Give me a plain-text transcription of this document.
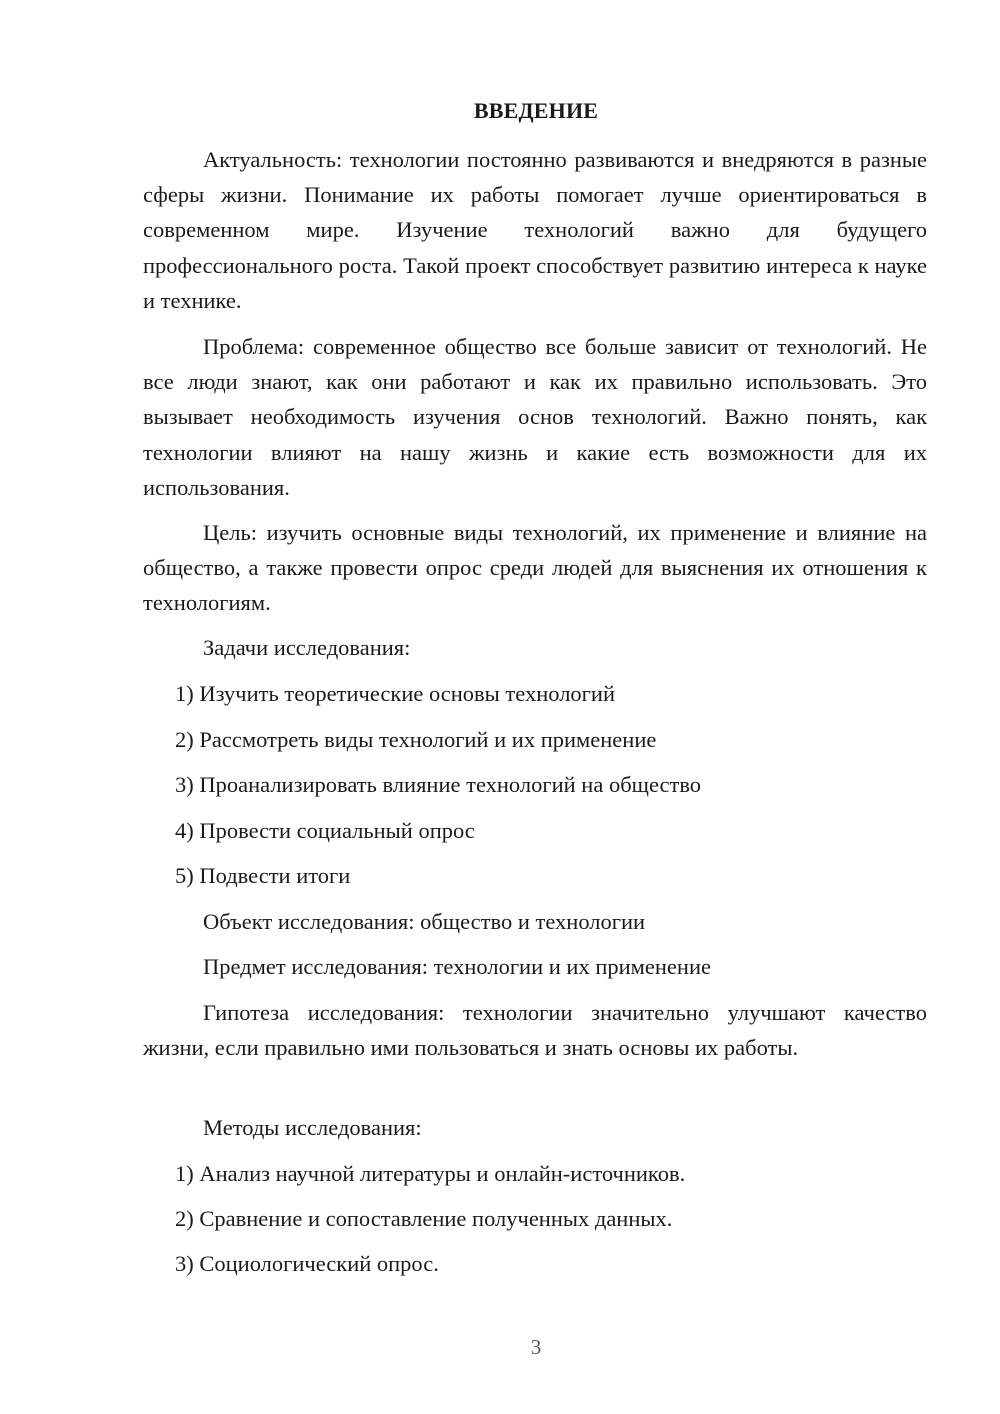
ВВЕДЕНИЕ

Актуальность: технологии постоянно развиваются и внедряются в разные сферы жизни. Понимание их работы помогает лучше ориентироваться в современном мире. Изучение технологий важно для будущего профессионального роста. Такой проект способствует развитию интереса к науке и технике.

Проблема: современное общество все больше зависит от технологий. Не все люди знают, как они работают и как их правильно использовать. Это вызывает необходимость изучения основ технологий. Важно понять, как технологии влияют на нашу жизнь и какие есть возможности для их использования.

Цель: изучить основные виды технологий, их применение и влияние на общество, а также провести опрос среди людей для выяснения их отношения к технологиям.

Задачи исследования:
1) Изучить теоретические основы технологий
2) Рассмотреть виды технологий и их применение
3) Проанализировать влияние технологий на общество
4) Провести социальный опрос
5) Подвести итоги
Объект исследования: общество и технологии
Предмет исследования: технологии и их применение

Гипотеза исследования: технологии значительно улучшают качество жизни, если правильно ими пользоваться и знать основы их работы.

Методы исследования:
1) Анализ научной литературы и онлайн-источников.
2) Сравнение и сопоставление полученных данных.
3) Социологический опрос.
3
